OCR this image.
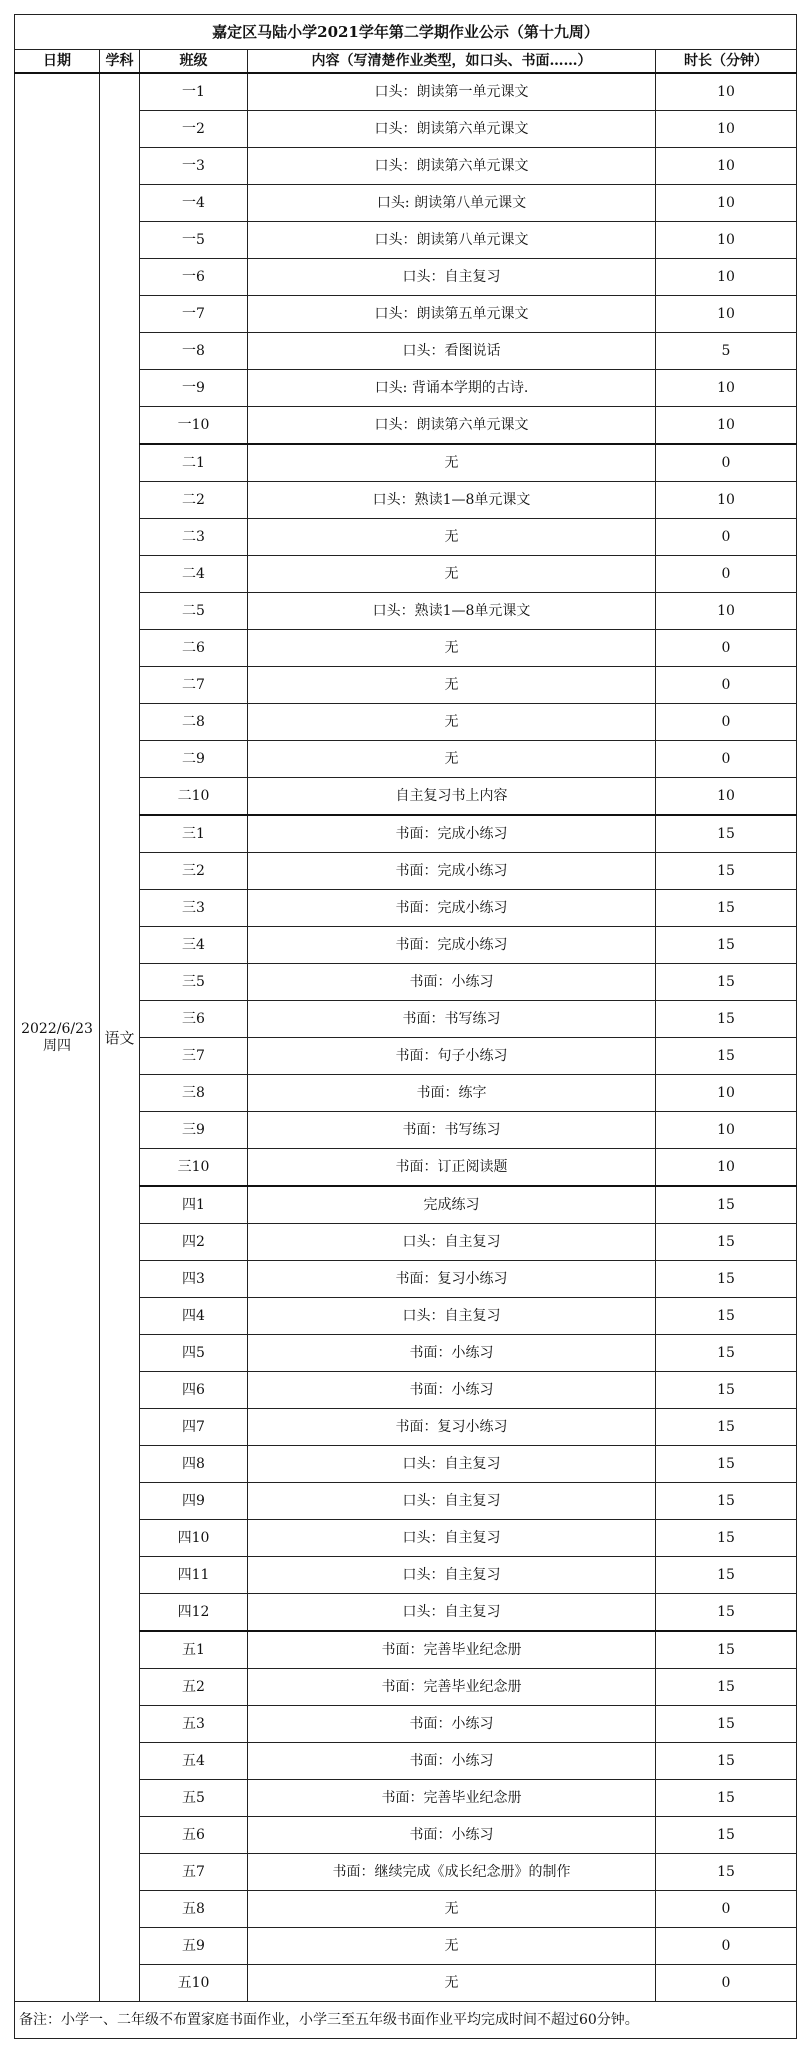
嘉定区马陆小学2021学年第二学期作业公示（第十九周）				
日期	学科	班级	内容（写清楚作业类型，如口头、书面……）	时长（分钟）

2022/6/23
周四	语文	一1	口头：朗读第一单元课文	10
		一2	口头：朗读第六单元课文	10
		一3	口头：朗读第六单元课文	10
		一4	口头: 朗读第八单元课文	10
		一5	口头：朗读第八单元课文	10
		一6	口头：自主复习	10
		一7	口头：朗读第五单元课文	10
		一8	口头：看图说话	5
		一9	口头: 背诵本学期的古诗.	10
		一10	口头：朗读第六单元课文	10
		二1	无	0
		二2	口头：熟读1—8单元课文	10
		二3	无	0
		二4	无	0
		二5	口头：熟读1—8单元课文	10
		二6	无	0
		二7	无	0
		二8	无	0
		二9	无	0
		二10	自主复习书上内容	10
		三1	书面：完成小练习	15
		三2	书面：完成小练习	15
		三3	书面：完成小练习	15
		三4	书面：完成小练习	15
		三5	书面：小练习	15
		三6	书面：书写练习	15
		三7	书面：句子小练习	15
		三8	书面：练字	10
		三9	书面：书写练习	10
		三10	书面：订正阅读题	10
		四1	完成练习	15
		四2	口头：自主复习	15
		四3	书面：复习小练习	15
		四4	口头：自主复习	15
		四5	书面：小练习	15
		四6	书面：小练习	15
		四7	书面：复习小练习	15
		四8	口头：自主复习	15
		四9	口头：自主复习	15
		四10	口头：自主复习	15
		四11	口头：自主复习	15
		四12	口头：自主复习	15
		五1	书面：完善毕业纪念册	15
		五2	书面：完善毕业纪念册	15
		五3	书面：小练习	15
		五4	书面：小练习	15
		五5	书面：完善毕业纪念册	15
		五6	书面：小练习	15
		五7	书面：继续完成《成长纪念册》的制作	15
		五8	无	0
		五9	无	0
		五10	无	0
备注：小学一、二年级不布置家庭书面作业，小学三至五年级书面作业平均完成时间不超过60分钟。				
